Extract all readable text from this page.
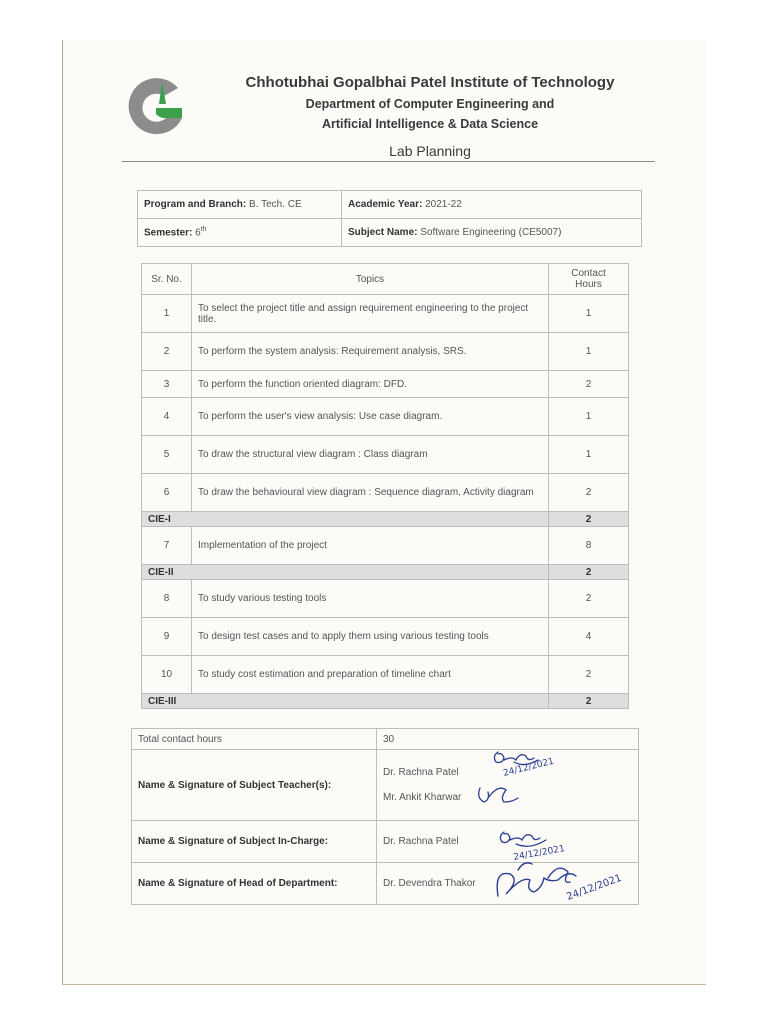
Chhotubhai Gopalbhai Patel Institute of Technology
Department of Computer Engineering and
Artificial Intelligence & Data Science
Lab Planning
Program and Branch: B. Tech. CE	Academic Year: 2021-22
Semester: 6th	Subject Name: Software Engineering (CE5007)
Sr. No.	Topics	Contact
Hours
1	To select the project title and assign requirement engineering to the project title.	1
2	To perform the system analysis: Requirement analysis, SRS.	1
3	To perform the function oriented diagram: DFD.	2
4	To perform the user's view analysis: Use case diagram.	1
5	To draw the structural view diagram : Class diagram	1
6	To draw the behavioural view diagram : Sequence diagram, Activity diagram	2
CIE-I		2
7	Implementation of the project	8
CIE-II		2
8	To study various testing tools	2
9	To design test cases and to apply them using various testing tools	4
10	To study cost estimation and preparation of timeline chart	2
CIE-III		2
Total contact hours	30
Name & Signature of Subject Teacher(s):	Dr. Rachna Patel
Mr. Ankit Kharwar

Name & Signature of Subject In-Charge:	Dr. Rachna Patel
Name & Signature of Head of Department:	Dr. Devendra Thakor
24/12/2021
24/12/2021
24/12/2021
